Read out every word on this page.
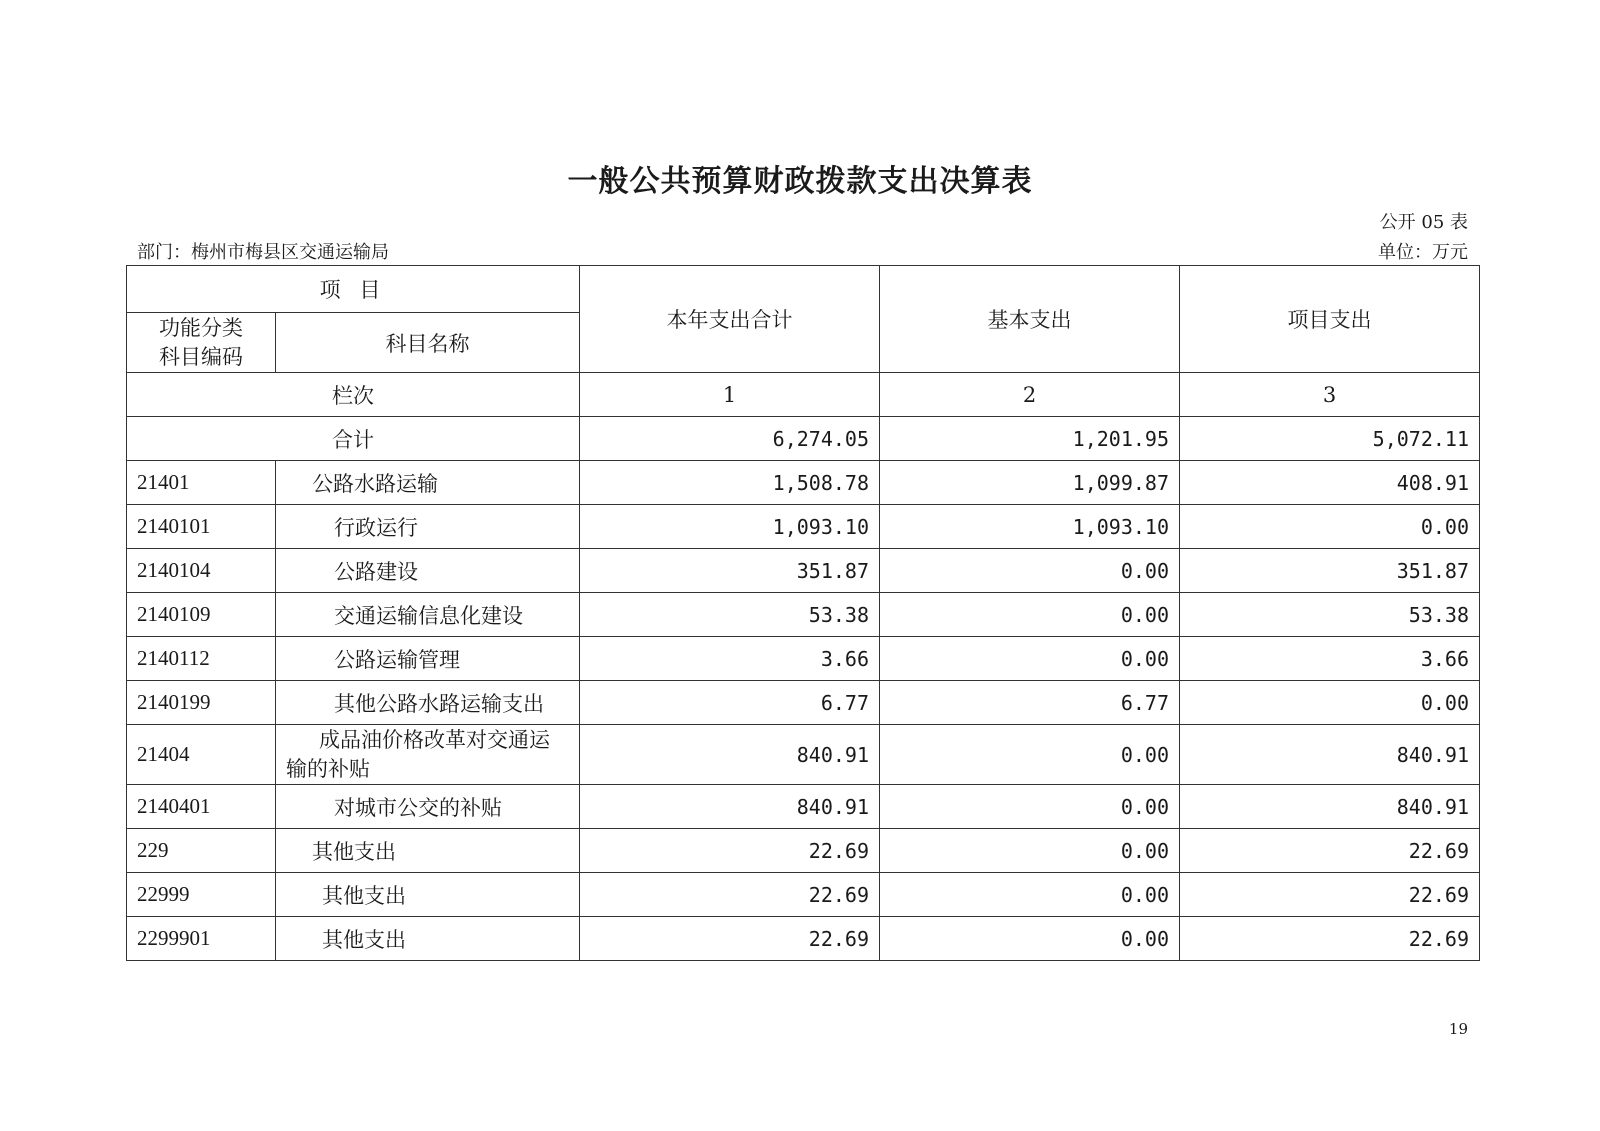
一般公共预算财政拨款支出决算表
公开 05 表
部门：梅州市梅县区交通运输局	单位：万元
项 目		本年支出合计	基本支出	项目支出
功能分类科目编码	科目名称			
栏次		1	2	3
合计		6,274.05	1,201.95	5,072.11
21401	公路水路运输	1,508.78	1,099.87	408.91
2140101	行政运行	1,093.10	1,093.10	0.00
2140104	公路建设	351.87	0.00	351.87
2140109	交通运输信息化建设	53.38	0.00	53.38
2140112	公路运输管理	3.66	0.00	3.66
2140199	其他公路水路运输支出	6.77	6.77	0.00
21404	成品油价格改革对交通运输的补贴	840.91	0.00	840.91
2140401	对城市公交的补贴	840.91	0.00	840.91
229	其他支出	22.69	0.00	22.69
22999	其他支出	22.69	0.00	22.69
2299901	其他支出	22.69	0.00	22.69
19
